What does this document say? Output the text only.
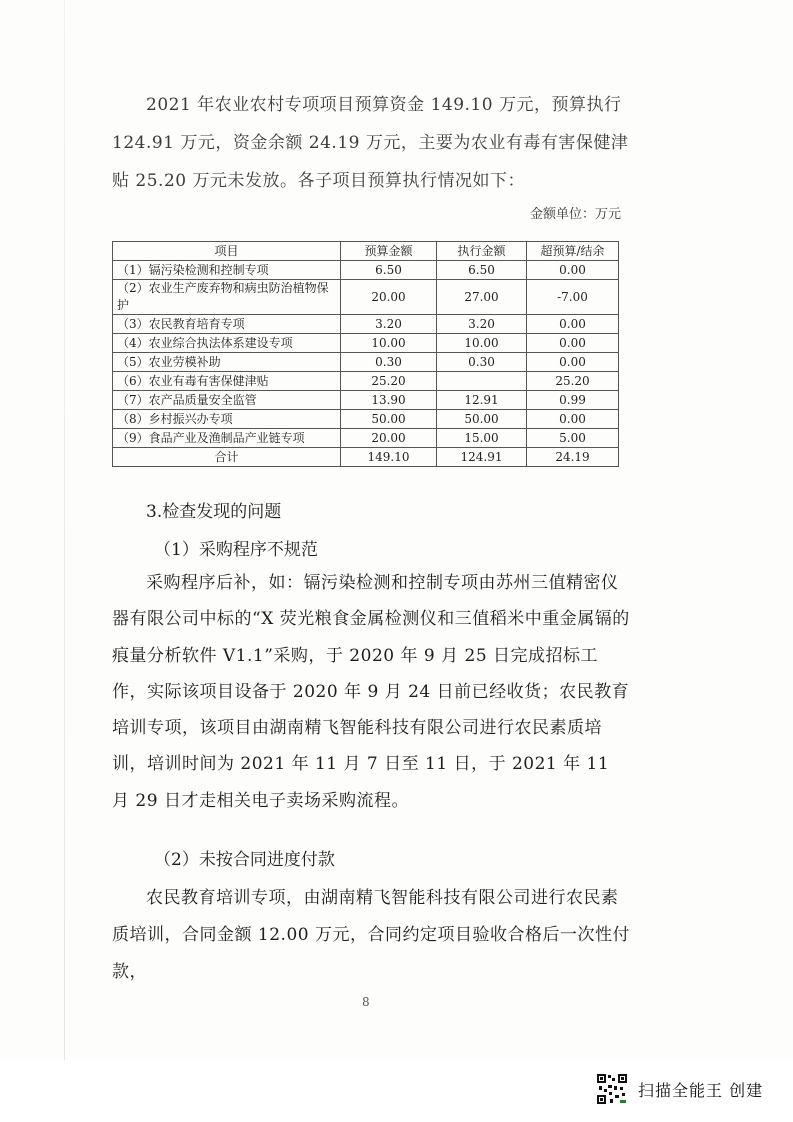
2021 年农业农村专项项目预算资金 149.10 万元，预算执行 124.91 万元，资金余额 24.19 万元，主要为农业有毒有害保健津贴 25.20 万元未发放。各子项目预算执行情况如下：

金额单位：万元
项目	预算金额	执行金额	超预算/结余
（1）镉污染检测和控制专项	6.50	6.50	0.00
（2）农业生产废弃物和病虫防治植物保护	20.00	27.00	-7.00
（3）农民教育培育专项	3.20	3.20	0.00
（4）农业综合执法体系建设专项	10.00	10.00	0.00
（5）农业劳模补助	0.30	0.30	0.00
（6）农业有毒有害保健津贴	25.20		25.20
（7）农产品质量安全监管	13.90	12.91	0.99
（8）乡村振兴办专项	50.00	50.00	0.00
（9）食品产业及渔制品产业链专项	20.00	15.00	5.00
合计	149.10	124.91	24.19

3.检查发现的问题

（1）采购程序不规范

采购程序后补，如：镉污染检测和控制专项由苏州三值精密仪器有限公司中标的“X 荧光粮食金属检测仪和三值稻米中重金属镉的痕量分析软件 V1.1”采购，于 2020 年 9 月 25 日完成招标工作，实际该项目设备于 2020 年 9 月 24 日前已经收货；农民教育培训专项，该项目由湖南精飞智能科技有限公司进行农民素质培训，培训时间为 2021 年 11 月 7 日至 11 日，于 2021 年 11 月 29 日才走相关电子卖场采购流程。

（2）未按合同进度付款

农民教育培训专项，由湖南精飞智能科技有限公司进行农民素质培训，合同金额 12.00 万元，合同约定项目验收合格后一次性付款，

8
扫描全能王 创建
